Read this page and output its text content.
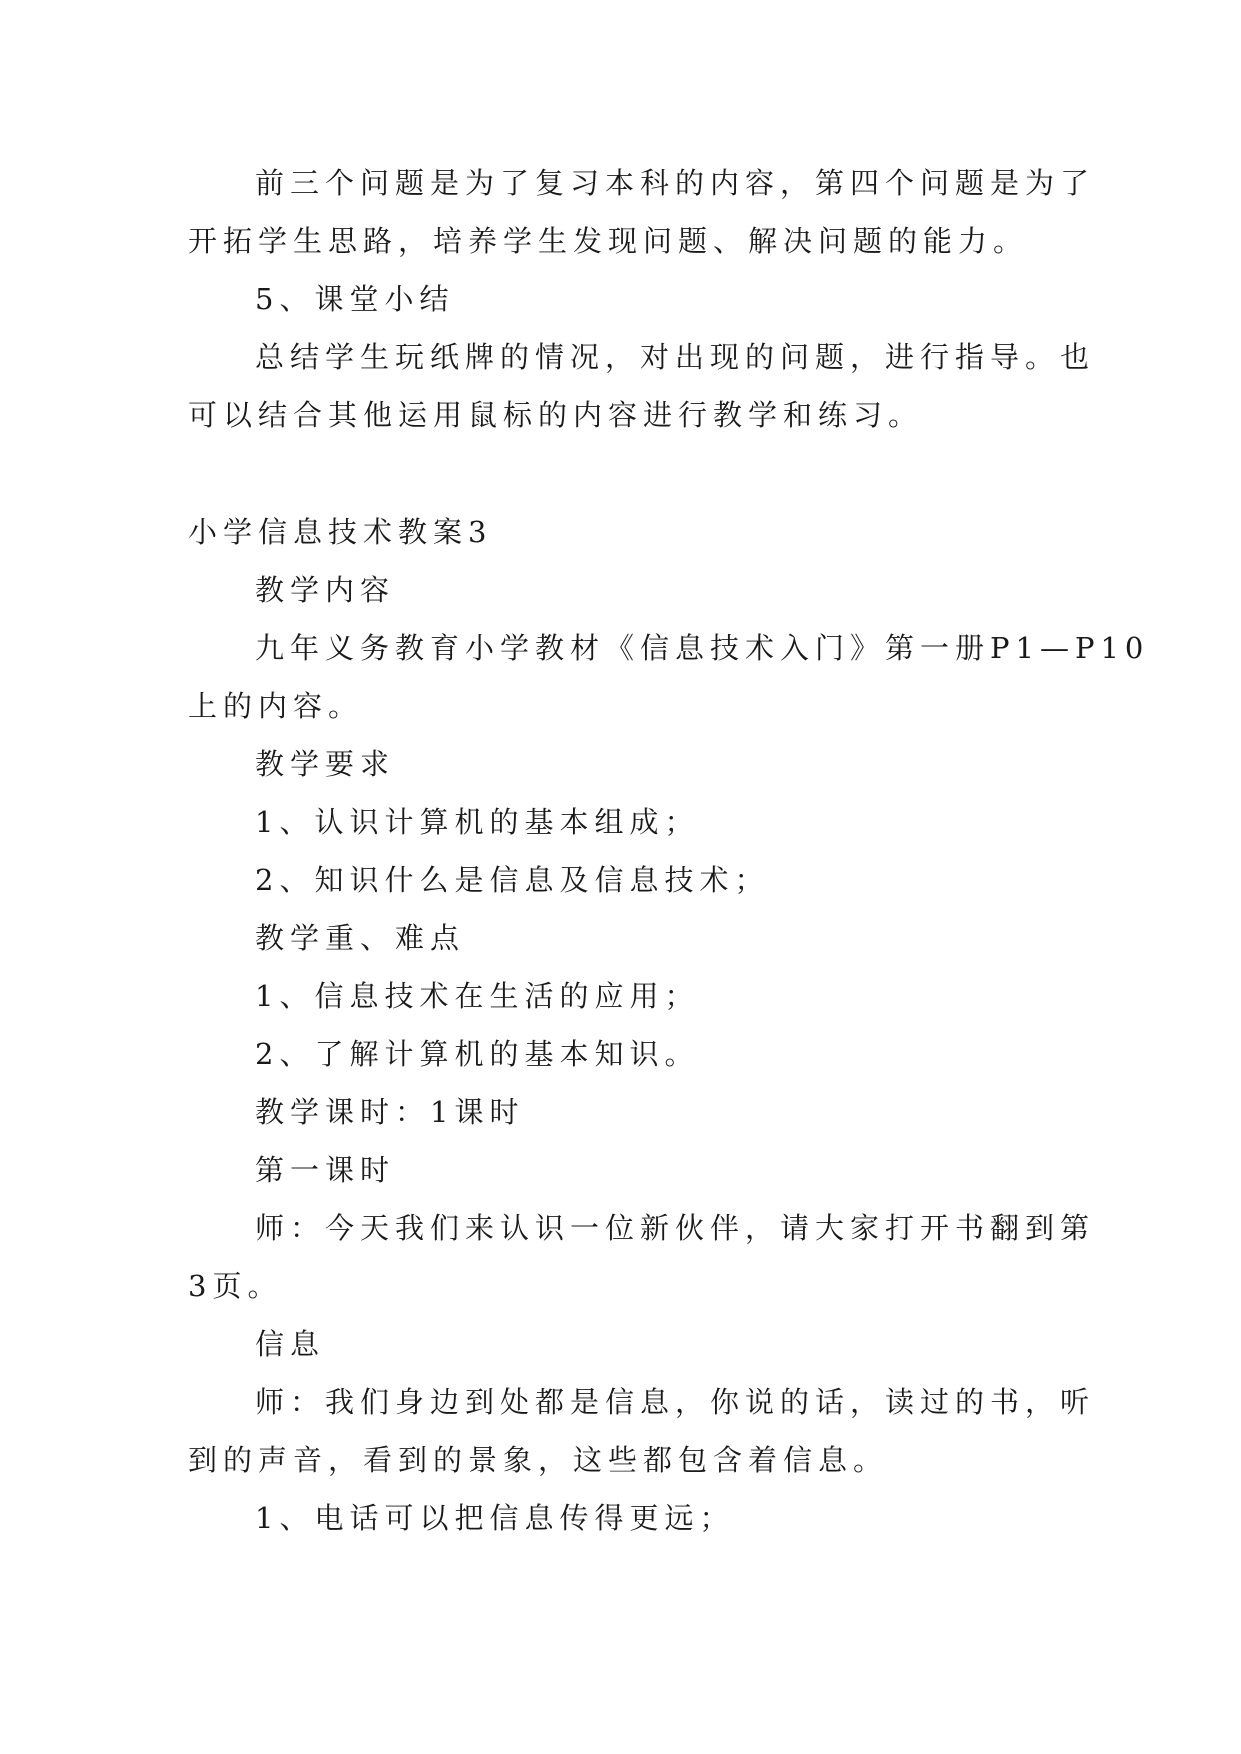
前三个问题是为了复习本科的内容，第四个问题是为了

开拓学生思路，培养学生发现问题、解决问题的能力。

5、课堂小结

总结学生玩纸牌的情况，对出现的问题，进行指导。也

可以结合其他运用鼠标的内容进行教学和练习。

小学信息技术教案3

教学内容

九年义务教育小学教材《信息技术入门》第一册P1—P10

上的内容。

教学要求

1、认识计算机的基本组成；

2、知识什么是信息及信息技术；

教学重、难点

1、信息技术在生活的应用；

2、了解计算机的基本知识。

教学课时：1课时

第一课时

师：今天我们来认识一位新伙伴，请大家打开书翻到第

3页。

信息

师：我们身边到处都是信息，你说的话，读过的书，听

到的声音，看到的景象，这些都包含着信息。

1、电话可以把信息传得更远；
